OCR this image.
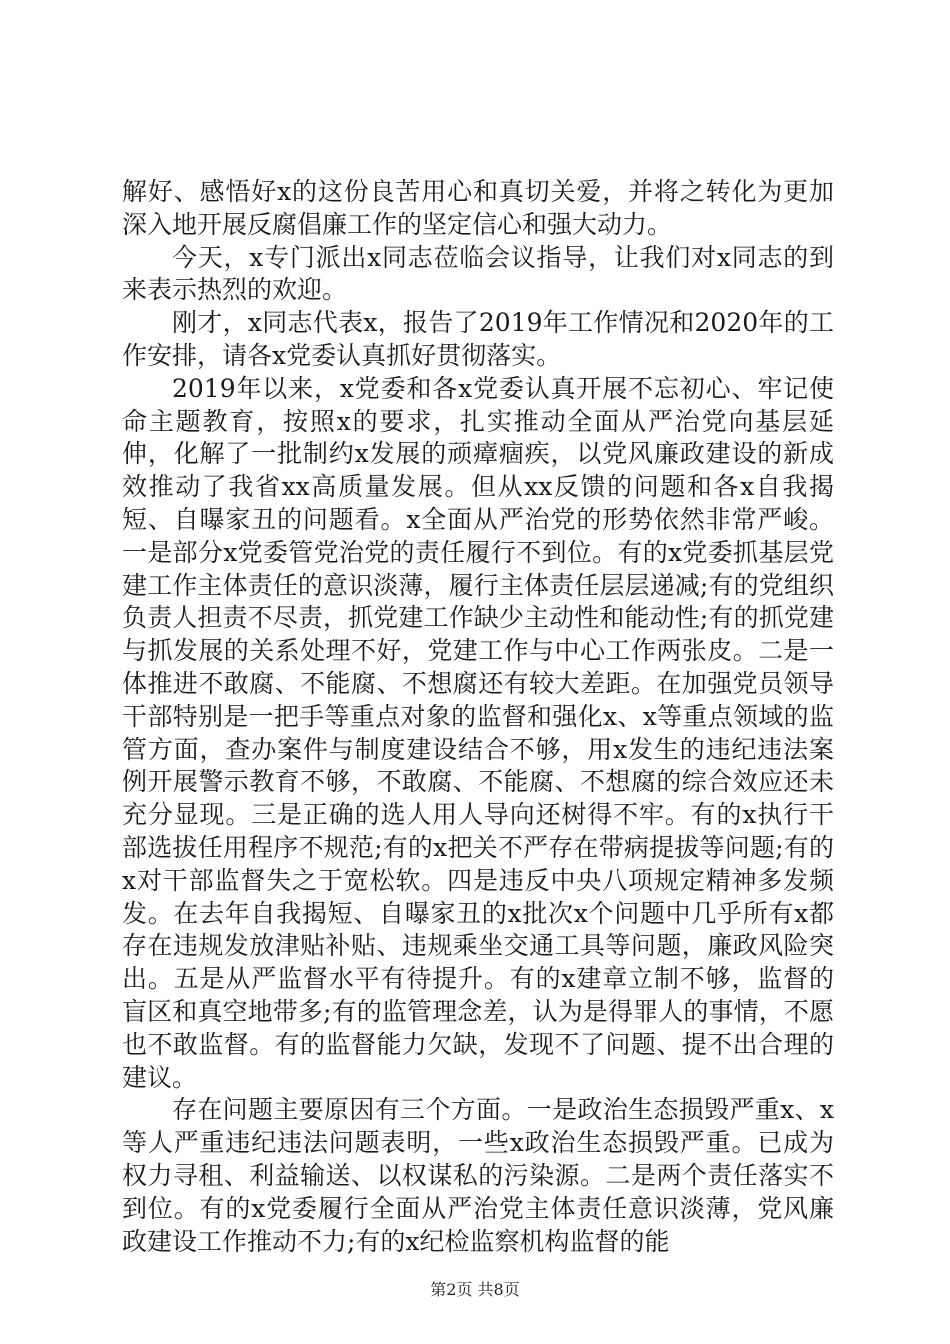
解好、感悟好x的这份良苦用心和真切关爱，并将之转化为更加深入地开展反腐倡廉工作的坚定信心和强大动力。

今天，x专门派出x同志莅临会议指导，让我们对x同志的到来表示热烈的欢迎。

刚才，x同志代表x，报告了2019年工作情况和2020年的工作安排，请各x党委认真抓好贯彻落实。

2019年以来，x党委和各x党委认真开展不忘初心、牢记使命主题教育，按照x的要求，扎实推动全面从严治党向基层延伸，化解了一批制约x发展的顽瘴痼疾，以党风廉政建设的新成效推动了我省xx高质量发展。但从xx反馈的问题和各x自我揭短、自曝家丑的问题看。x全面从严治党的形势依然非常严峻。一是部分x党委管党治党的责任履行不到位。有的x党委抓基层党建工作主体责任的意识淡薄，履行主体责任层层递减;有的党组织负责人担责不尽责，抓党建工作缺少主动性和能动性;有的抓党建与抓发展的关系处理不好，党建工作与中心工作两张皮。二是一体推进不敢腐、不能腐、不想腐还有较大差距。在加强党员领导干部特别是一把手等重点对象的监督和强化x、x等重点领域的监管方面，查办案件与制度建设结合不够，用x发生的违纪违法案例开展警示教育不够，不敢腐、不能腐、不想腐的综合效应还未充分显现。三是正确的选人用人导向还树得不牢。有的x执行干部选拔任用程序不规范;有的x把关不严存在带病提拔等问题;有的x对干部监督失之于宽松软。四是违反中央八项规定精神多发频发。在去年自我揭短、自曝家丑的x批次x个问题中几乎所有x都存在违规发放津贴补贴、违规乘坐交通工具等问题，廉政风险突出。五是从严监督水平有待提升。有的x建章立制不够，监督的盲区和真空地带多;有的监管理念差，认为是得罪人的事情，不愿也不敢监督。有的监督能力欠缺，发现不了问题、提不出合理的建议。

存在问题主要原因有三个方面。一是政治生态损毁严重x、x等人严重违纪违法问题表明，一些x政治生态损毁严重。已成为权力寻租、利益输送、以权谋私的污染源。二是两个责任落实不到位。有的x党委履行全面从严治党主体责任意识淡薄，党风廉政建设工作推动不力;有的x纪检监察机构监督的能

第2页 共8页
